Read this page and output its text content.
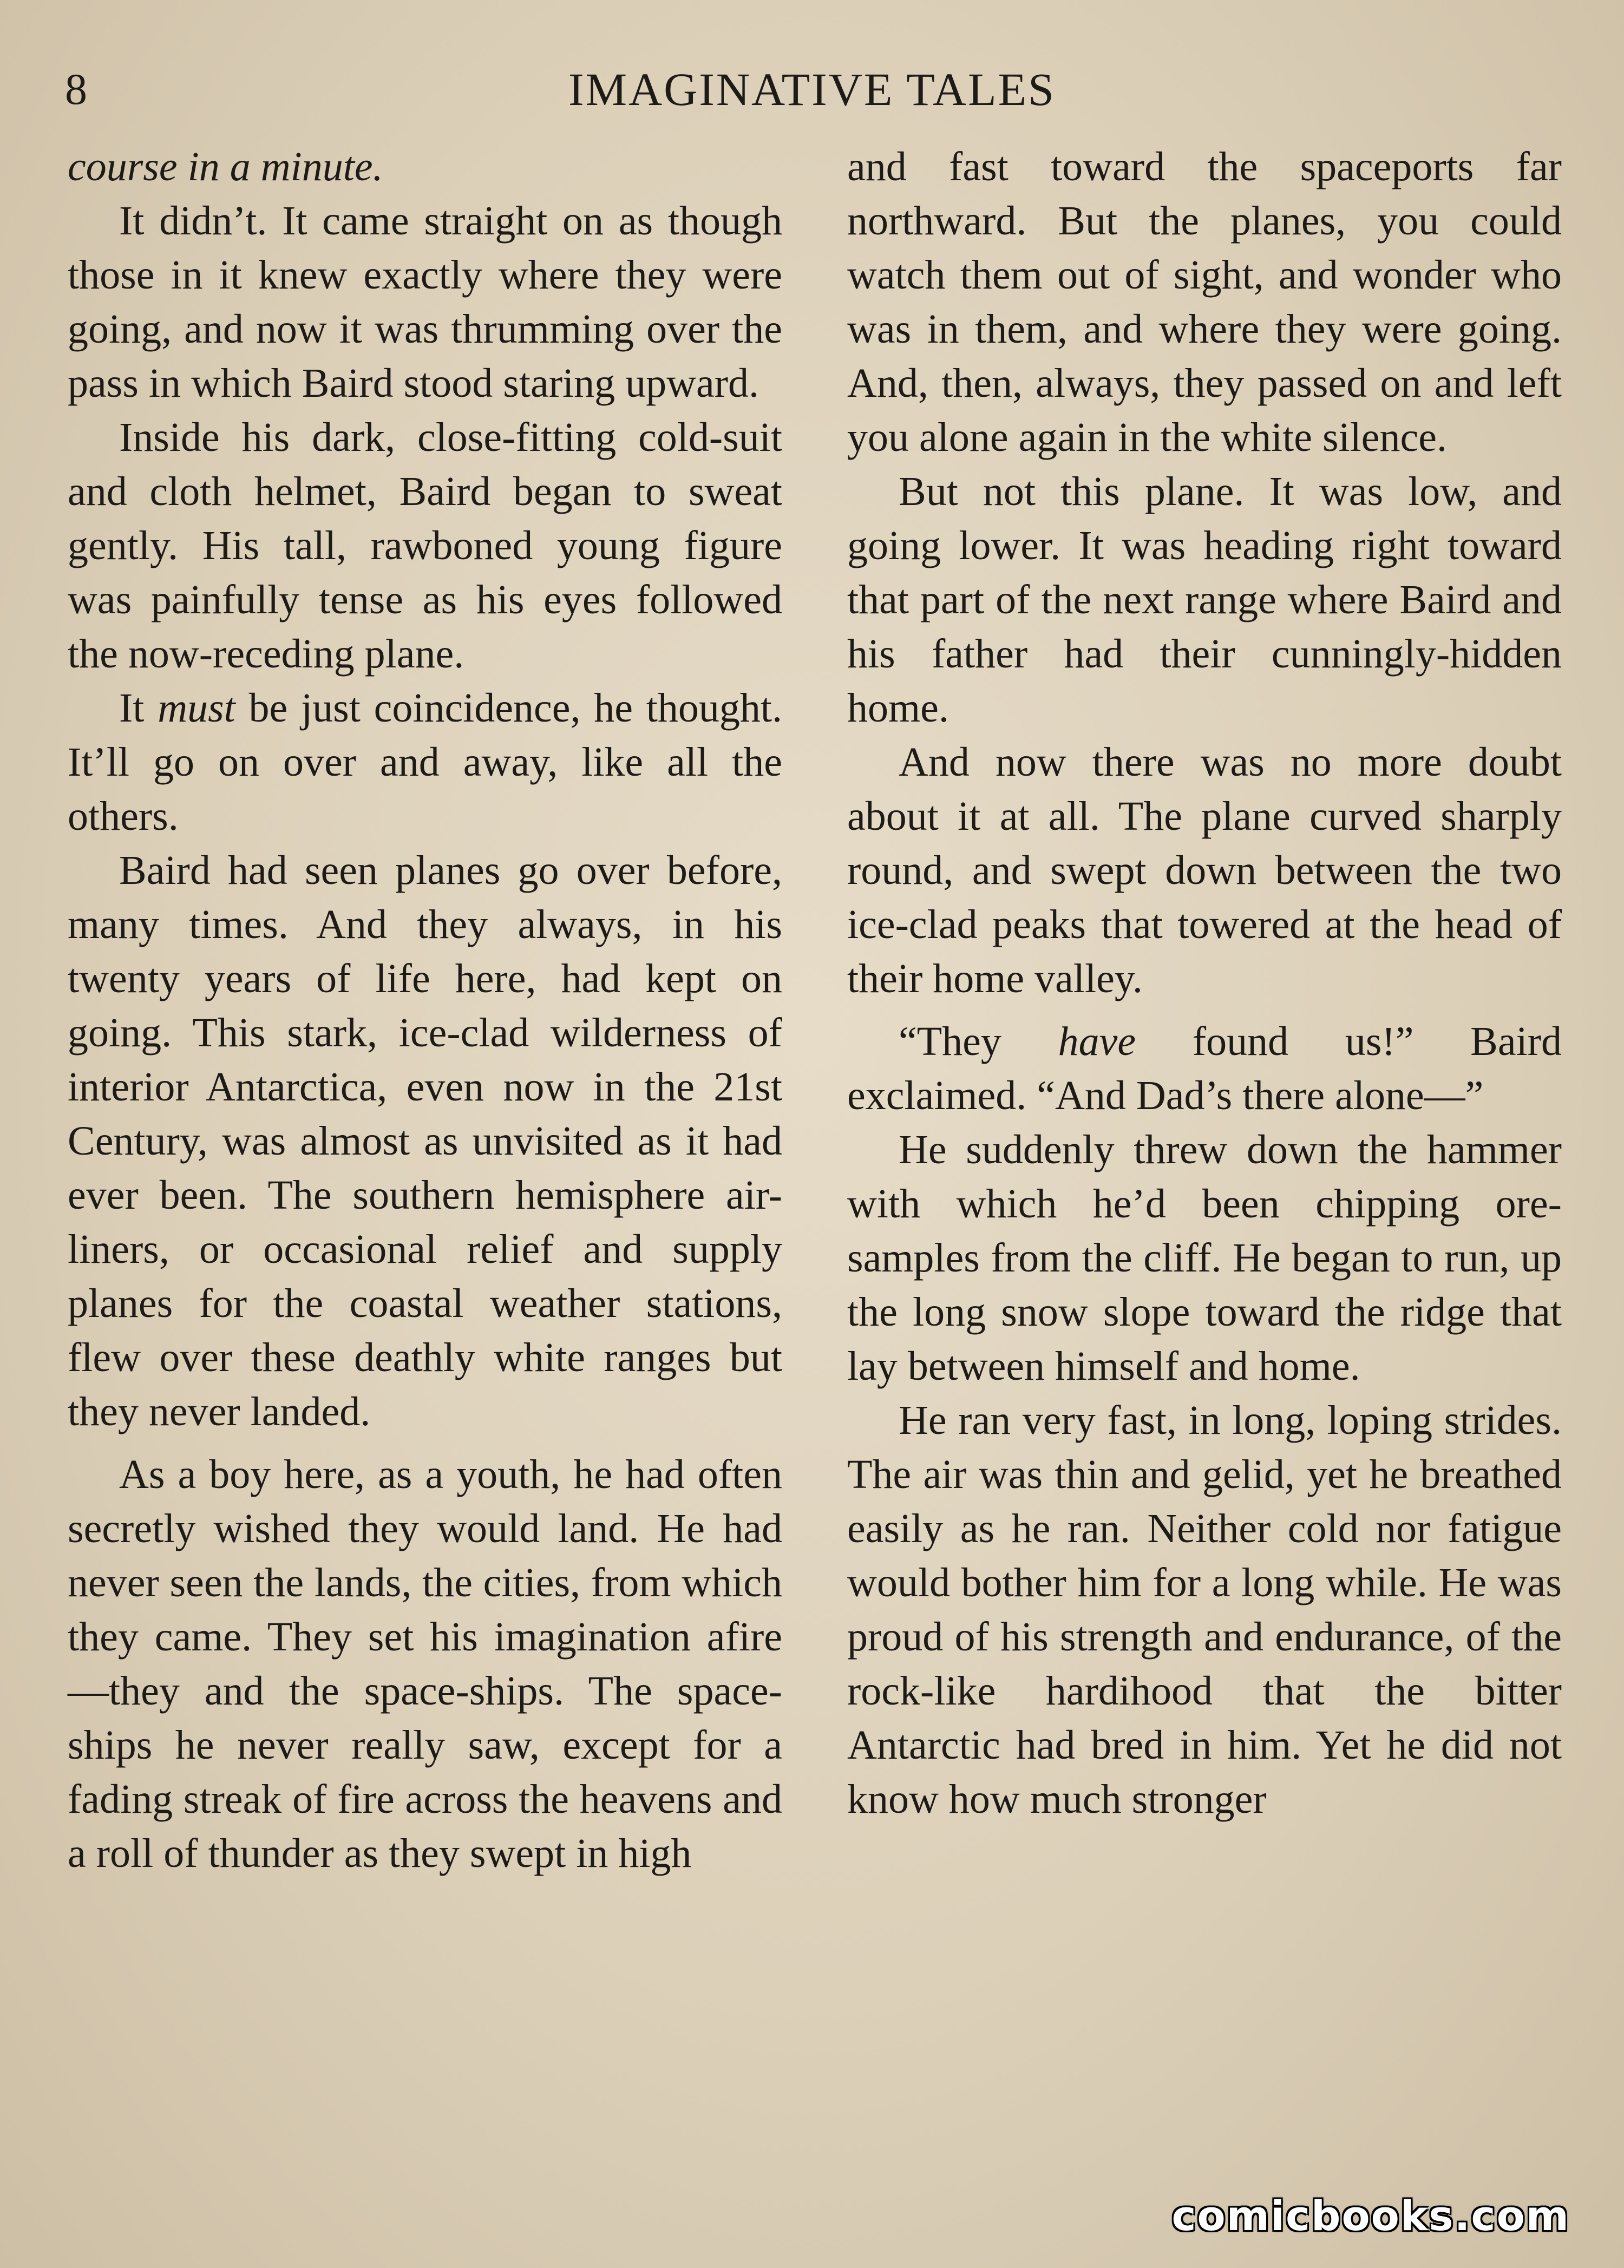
8	IMAGINATIVE TALES

course in a minute.

It didn’t. It came straight on as though those in it knew exactly where they were going, and now it was thrumming over the pass in which Baird stood staring upward.

Inside his dark, close-fitting cold-suit and cloth helmet, Baird began to sweat gently. His tall, rawboned young figure was painfully tense as his eyes followed the now-receding plane.

It must be just coincidence, he thought. It’ll go on over and away, like all the others.

Baird had seen planes go over before, many times. And they always, in his twenty years of life here, had kept on going. This stark, ice-clad wilderness of interior Antarctica, even now in the 21st Century, was almost as unvisited as it had ever been. The southern hemisphere air-liners, or occasional relief and supply planes for the coastal weather stations, flew over these deathly white ranges but they never landed.

As a boy here, as a youth, he had often secretly wished they would land. He had never seen the lands, the cities, from which they came. They set his imagination afire—they and the space-ships. The space-ships he never really saw, except for a fading streak of fire across the heavens and a roll of thunder as they swept in high

and fast toward the spaceports far northward. But the planes, you could watch them out of sight, and wonder who was in them, and where they were going. And, then, always, they passed on and left you alone again in the white silence.

But not this plane. It was low, and going lower. It was heading right toward that part of the next range where Baird and his father had their cunningly-hidden home.

And now there was no more doubt about it at all. The plane curved sharply round, and swept down between the two ice-clad peaks that towered at the head of their home valley.

“They have found us!” Baird exclaimed. “And Dad’s there alone—”

He suddenly threw down the hammer with which he’d been chipping ore-samples from the cliff. He began to run, up the long snow slope toward the ridge that lay between himself and home.

He ran very fast, in long, loping strides. The air was thin and gelid, yet he breathed easily as he ran. Neither cold nor fatigue would bother him for a long while. He was proud of his strength and endurance, of the rock-like hardihood that the bitter Antarctic had bred in him. Yet he did not know how much stronger

comicbooks.com
